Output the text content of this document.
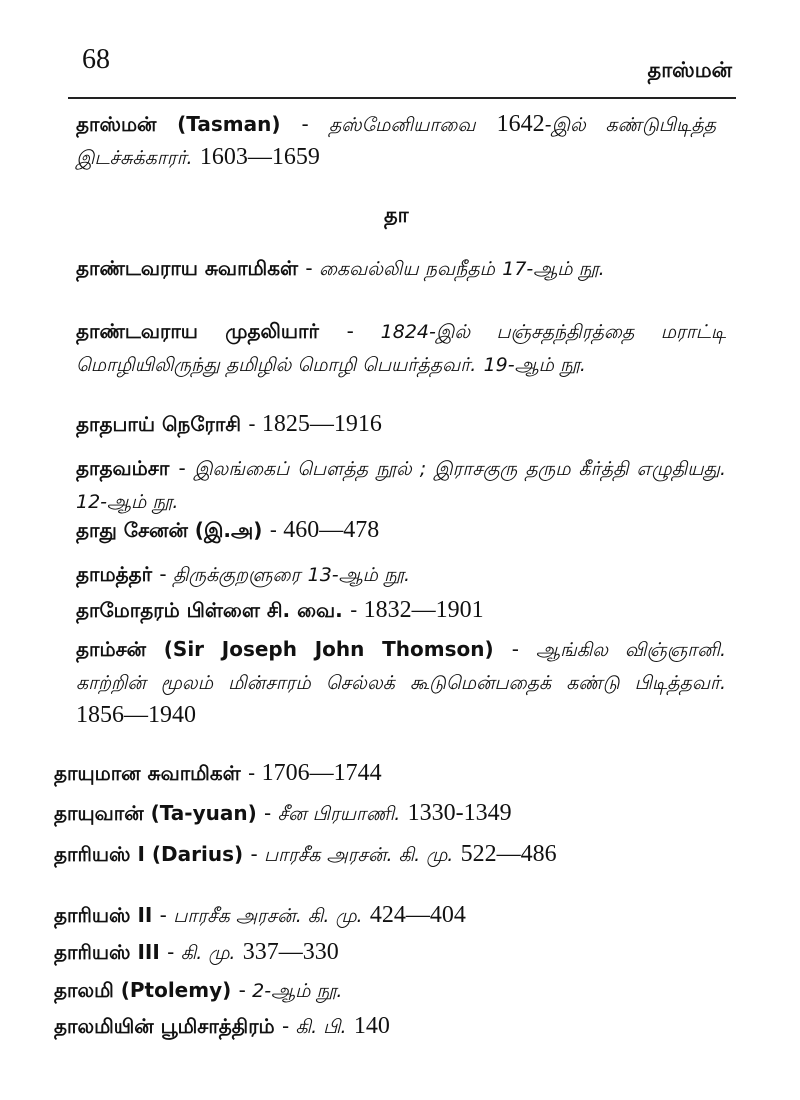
68	தாஸ்மன்
தா
தாஸ்மன் (Tasman) - தஸ்மேனியாவை 1642-இல் கண்டுபிடித்த இடச்சுக்காரர். 1603—1659
தாண்டவராய சுவாமிகள் - கைவல்லிய நவநீதம் 17-ஆம் நூ.
தாண்டவராய முதலியார் - 1824-இல் பஞ்சதந்திரத்தை மராட்டி மொழியிலிருந்து தமிழில் மொழி பெயர்த்தவர். 19-ஆம் நூ.
தாதபாய் நெரோசி - 1825—1916
தாதவம்சா - இலங்கைப் பௌத்த நூல் ; இராசகுரு தரும கீர்த்தி எழுதியது. 12-ஆம் நூ.
தாது சேனன் (இ.அ) - 460—478
தாமத்தர் - திருக்குறளுரை 13-ஆம் நூ.
தாமோதரம் பிள்ளை சி. வை. - 1832—1901
தாம்சன் (Sir Joseph John Thomson) - ஆங்கில விஞ்ஞானி. காற்றின் மூலம் மின்சாரம் செல்லக் கூடுமென்பதைக் கண்டு பிடித்தவர். 1856—1940
தாயுமான சுவாமிகள் - 1706—1744
தாயுவான் (Ta-yuan) - சீன பிரயாணி. 1330-1349
தாரியஸ் I (Darius) - பாரசீக அரசன். கி. மு. 522—486
தாரியஸ் II - பாரசீக அரசன். கி. மு. 424—404
தாரியஸ் III - கி. மு. 337—330
தாலமி (Ptolemy) - 2-ஆம் நூ.
தாலமியின் பூமிசாத்திரம் - கி. பி. 140
